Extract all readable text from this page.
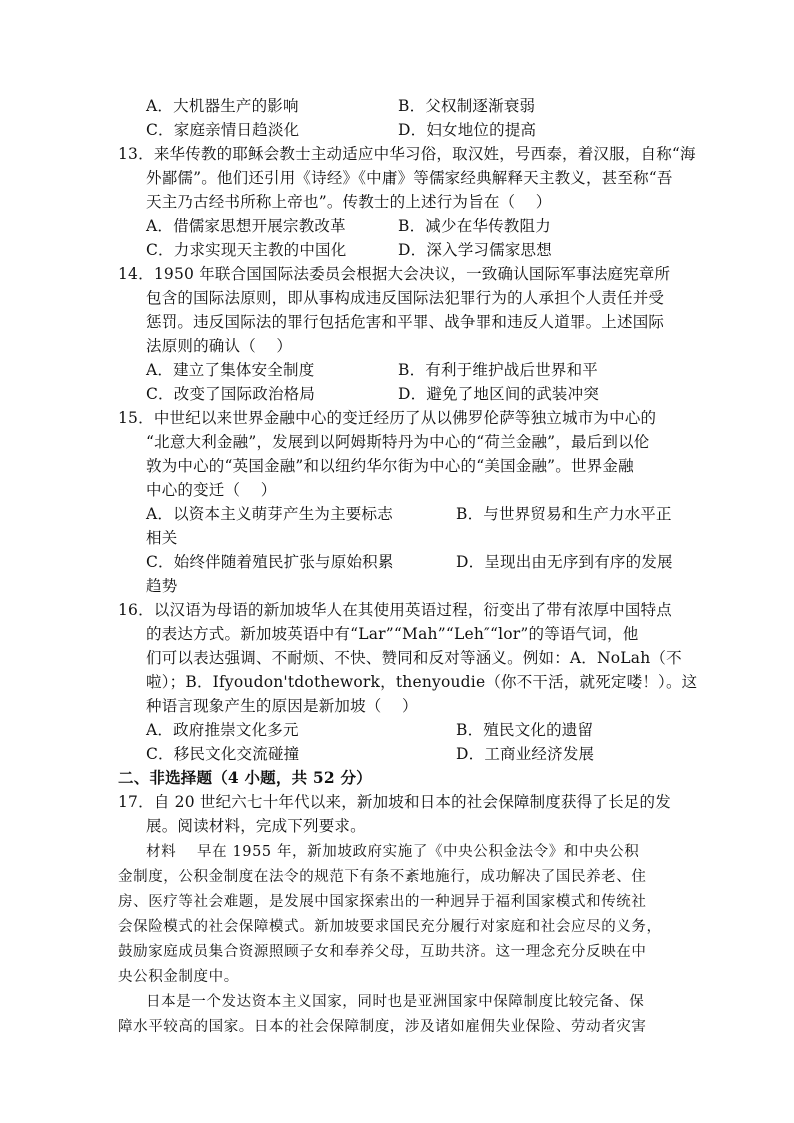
A．大机器生产的影响	B．父权制逐渐衰弱
C．家庭亲情日趋淡化	D．妇女地位的提高
13．来华传教的耶稣会教士主动适应中华习俗，取汉姓，号西泰，着汉服，自称“海
外鄙儒”。他们还引用《诗经》《中庸》等儒家经典解释天主教义，甚至称“吾
天主乃古经书所称上帝也”。传教士的上述行为旨在（    ）
A．借儒家思想开展宗教改革	B．减少在华传教阻力
C．力求实现天主教的中国化	D．深入学习儒家思想
14．1950 年联合国国际法委员会根据大会决议，一致确认国际军事法庭宪章所
包含的国际法原则，即从事构成违反国际法犯罪行为的人承担个人责任并受
惩罚。违反国际法的罪行包括危害和平罪、战争罪和违反人道罪。上述国际
法原则的确认（    ）
A．建立了集体安全制度	B．有利于维护战后世界和平
C．改变了国际政治格局	D．避免了地区间的武装冲突
15．中世纪以来世界金融中心的变迁经历了从以佛罗伦萨等独立城市为中心的
“北意大利金融”，发展到以阿姆斯特丹为中心的“荷兰金融”，最后到以伦
敦为中心的“英国金融”和以纽约华尔街为中心的“美国金融”。世界金融
中心的变迁（    ）
A．以资本主义萌芽产生为主要标志	B．与世界贸易和生产力水平正
相关
C．始终伴随着殖民扩张与原始积累	D．呈现出由无序到有序的发展
趋势
16．以汉语为母语的新加坡华人在其使用英语过程，衍变出了带有浓厚中国特点
的表达方式。新加坡英语中有“Lar”“Mah”“Leh″“lor”的等语气词，他
们可以表达强调、不耐烦、不快、赞同和反对等涵义。例如：A．NoLah（不
啦）；B．Ifyoudon'tdothework，thenyoudie（你不干活，就死定喽！）。这
种语言现象产生的原因是新加坡（    ）
A．政府推崇文化多元	B．殖民文化的遗留
C．移民文化交流碰撞	D．工商业经济发展
二、非选择题（4 小题，共 52 分）
17．自 20 世纪六七十年代以来，新加坡和日本的社会保障制度获得了长足的发
展。阅读材料，完成下列要求。
材料    早在 1955 年，新加坡政府实施了《中央公积金法令》和中央公积
金制度，公积金制度在法令的规范下有条不紊地施行，成功解决了国民养老、住
房、医疗等社会难题，是发展中国家探索出的一种迥异于福利国家模式和传统社
会保险模式的社会保障模式。新加坡要求国民充分履行对家庭和社会应尽的义务，
鼓励家庭成员集合资源照顾子女和奉养父母，互助共济。这一理念充分反映在中
央公积金制度中。
日本是一个发达资本主义国家，同时也是亚洲国家中保障制度比较完备、保
障水平较高的国家。日本的社会保障制度，涉及诸如雇佣失业保险、劳动者灾害
